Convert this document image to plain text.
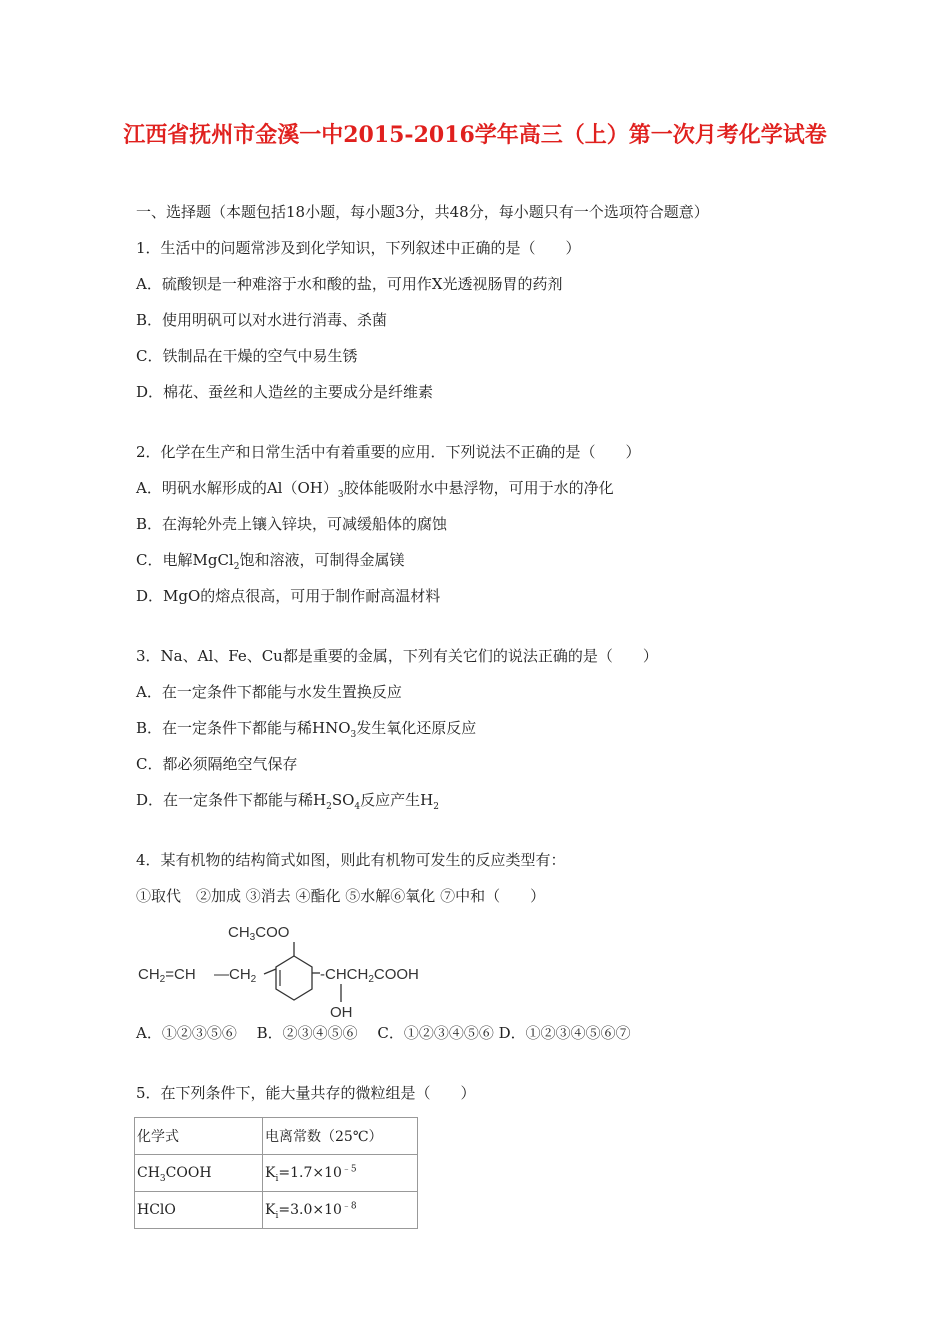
江西省抚州市金溪一中2015-2016学年高三（上）第一次月考化学试卷
一、选择题（本题包括18小题，每小题3分，共48分，每小题只有一个选项符合题意）
1．生活中的问题常涉及到化学知识，下列叙述中正确的是（　　）
A．硫酸钡是一种难溶于水和酸的盐，可用作X光透视肠胃的药剂
B．使用明矾可以对水进行消毒、杀菌
C．铁制品在干燥的空气中易生锈
D．棉花、蚕丝和人造丝的主要成分是纤维素
2．化学在生产和日常生活中有着重要的应用．下列说法不正确的是（　　）
A．明矾水解形成的$Al(OH)_3$胶体能吸附水中悬浮物，可用于水的净化
B．在海轮外壳上镶入锌块，可减缓船体的腐蚀
C．电解MgCl$_2$饱和溶液，可制得金属镁
D．MgO的熔点很高，可用于制作耐高温材料
3．Na、Al、Fe、Cu都是重要的金属，下列有关它们的说法正确的是（　　）
A．在一定条件下都能与水发生置换反应
B．在一定条件下都能与稀$HNO_3$发生氧化还原反应
C．都必须隔绝空气保存
D．在一定条件下都能与稀$H_2SO_4$反应产生$H_2$
4．某有机物的结构简式如图，则此有机物可发生的反应类型有：
①取代　②加成 ③消去 ④酯化 ⑤水解⑥氧化 ⑦中和（　　）
$CH_3COO$
$CH_2=CH$ $—CH_2$	$-CHCH_2COOH$
OH
A．①②③⑤⑥　 B．②③④⑤⑥　 C．①②③④⑤⑥ D．①②③④⑤⑥⑦
5．在下列条件下，能大量共存的微粒组是（　　）
化学式	电离常数（25℃）
$CH_3COOH$	$K_i=1.7\times 10^{﹣5}$
HClO	$K_i=3.0\times 10^{﹣8}$
